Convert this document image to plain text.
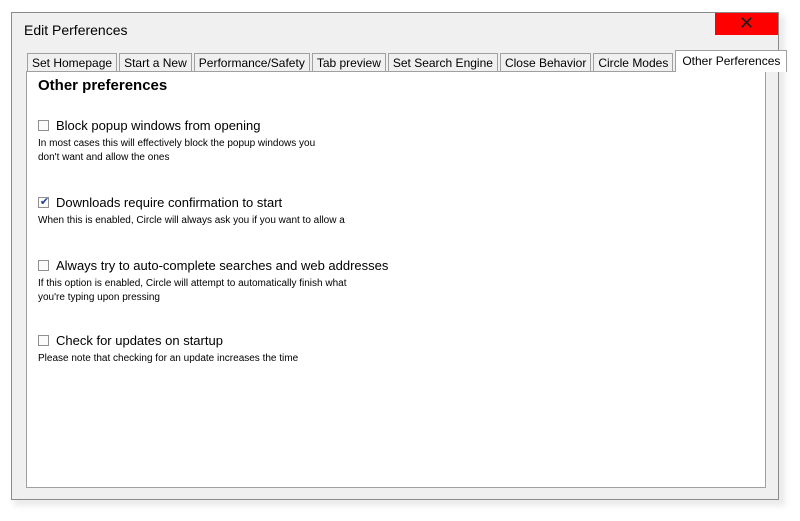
Edit Perferences	✕
Set Homepage	Start a New	Performance/Safety	Tab preview	Set Search Engine	Close Behavior	Circle Modes	Other Perferences
Other preferences
Block popup windows from opening
In most cases this will effectively block the popup windows you
don't want and allow the ones
✔ Downloads require confirmation to start
When this is enabled, Circle will always ask you if you want to allow a
Always try to auto-complete searches and web addresses
If this option is enabled, Circle will attempt to automatically finish what
you're typing upon pressing
Check for updates on startup
Please note that checking for an update increases the time
